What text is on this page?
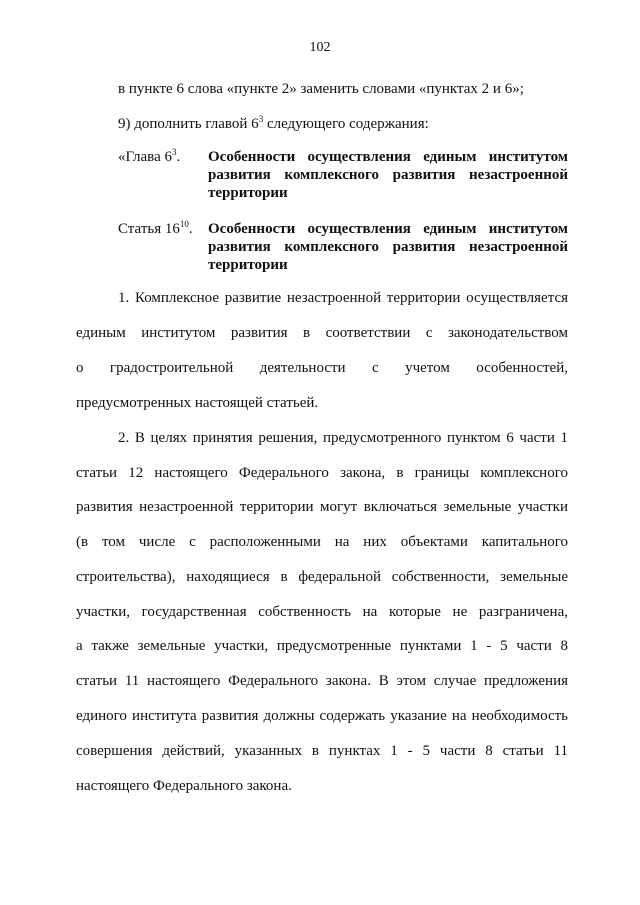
102
в пункте 6 слова «пункте 2» заменить словами «пунктах 2 и 6»;
9) дополнить главой $6^3$ следующего содержания:
«Глава $6^3$. Особенности осуществления единым институтом развития комплексного развития незастроенной территории
Статья $16^{10}$. Особенности осуществления единым институтом развития комплексного развития незастроенной территории
1. Комплексное развитие незастроенной территории осуществляется
единым институтом развития в соответствии с законодательством
о градостроительной деятельности с учетом особенностей,
предусмотренных настоящей статьей.
2. В целях принятия решения, предусмотренного пунктом 6 части 1
статьи 12 настоящего Федерального закона, в границы комплексного
развития незастроенной территории могут включаться земельные участки
(в том числе с расположенными на них объектами капитального
строительства), находящиеся в федеральной собственности, земельные
участки, государственная собственность на которые не разграничена,
а также земельные участки, предусмотренные пунктами 1 - 5 части 8
статьи 11 настоящего Федерального закона. В этом случае предложения
единого института развития должны содержать указание на необходимость
совершения действий, указанных в пунктах 1 - 5 части 8 статьи 11
настоящего Федерального закона.
